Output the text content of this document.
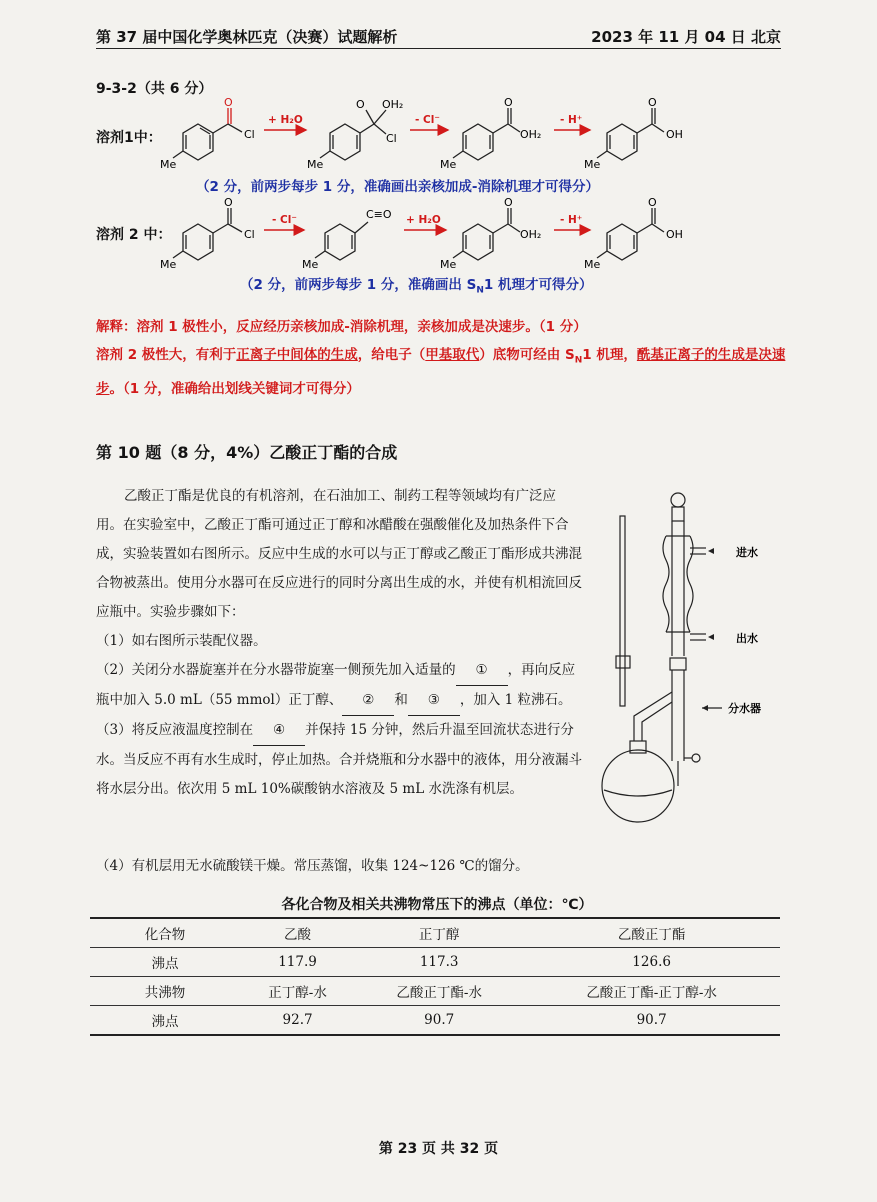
第 37 届中国化学奥林匹克（决赛）试题解析	2023 年 11 月 04 日 北京
9-3-2（共 6 分）
溶剂1中：
Me
O
Cl
+ H₂O
Me
O OH₂
Cl
- Cl⁻
Me
O
OH₂
- H⁺
Me
O
OH
（2 分，前两步每步 1 分，准确画出亲核加成-消除机理才可得分）
溶剂 2 中：
Me
O
Cl
- Cl⁻
Me
C≡O + H₂O
Me
O
OH₂
- H⁺
Me
O
OH
（2 分，前两步每步 1 分，准确画出 $S_N1$ 机理才可得分）
解释：溶剂 1 极性小，反应经历亲核加成-消除机理，亲核加成是决速步。（1 分）
溶剂 2 极性大，有利于正离子中间体的生成，给电子（甲基取代）底物可经由 $S_N1$ 机理，酰基正离子的生成是决速步。（1 分，准确给出划线关键词才可得分）
第 10 题（8 分，4%）乙酸正丁酯的合成

乙酸正丁酯是优良的有机溶剂，在石油加工、制药工程等领域均有广泛应用。在实验室中，乙酸正丁酯可通过正丁醇和冰醋酸在强酸催化及加热条件下合成，实验装置如右图所示。反应中生成的水可以与正丁醇或乙酸正丁酯形成共沸混合物被蒸出。使用分水器可在反应进行的同时分离出生成的水，并使有机相流回反应瓶中。实验步骤如下：

（1）如右图所示装配仪器。

（2）关闭分水器旋塞并在分水器带旋塞一侧预先加入适量的 ① ，再向反应瓶中加入 5.0 mL（55 mmol）正丁醇、 ② 和 ③ ，加入 1 粒沸石。

（3）将反应液温度控制在 ④ 并保持 15 分钟，然后升温至回流状态进行分水。当反应不再有水生成时，停止加热。合并烧瓶和分水器中的液体，用分液漏斗将水层分出。依次用 5 mL 10%碳酸钠水溶液及 5 mL 水洗涤有机层。

（4）有机层用无水硫酸镁干燥。常压蒸馏，收集 124~126 ℃的馏分。
进水
出水
分水器
各化合物及相关共沸物常压下的沸点（单位：℃）
化合物	乙酸	正丁醇	乙酸正丁酯
沸点	117.9	117.3	126.6
共沸物	正丁醇-水	乙酸正丁酯-水	乙酸正丁酯-正丁醇-水
沸点	92.7	90.7	90.7
第 23 页 共 32 页
